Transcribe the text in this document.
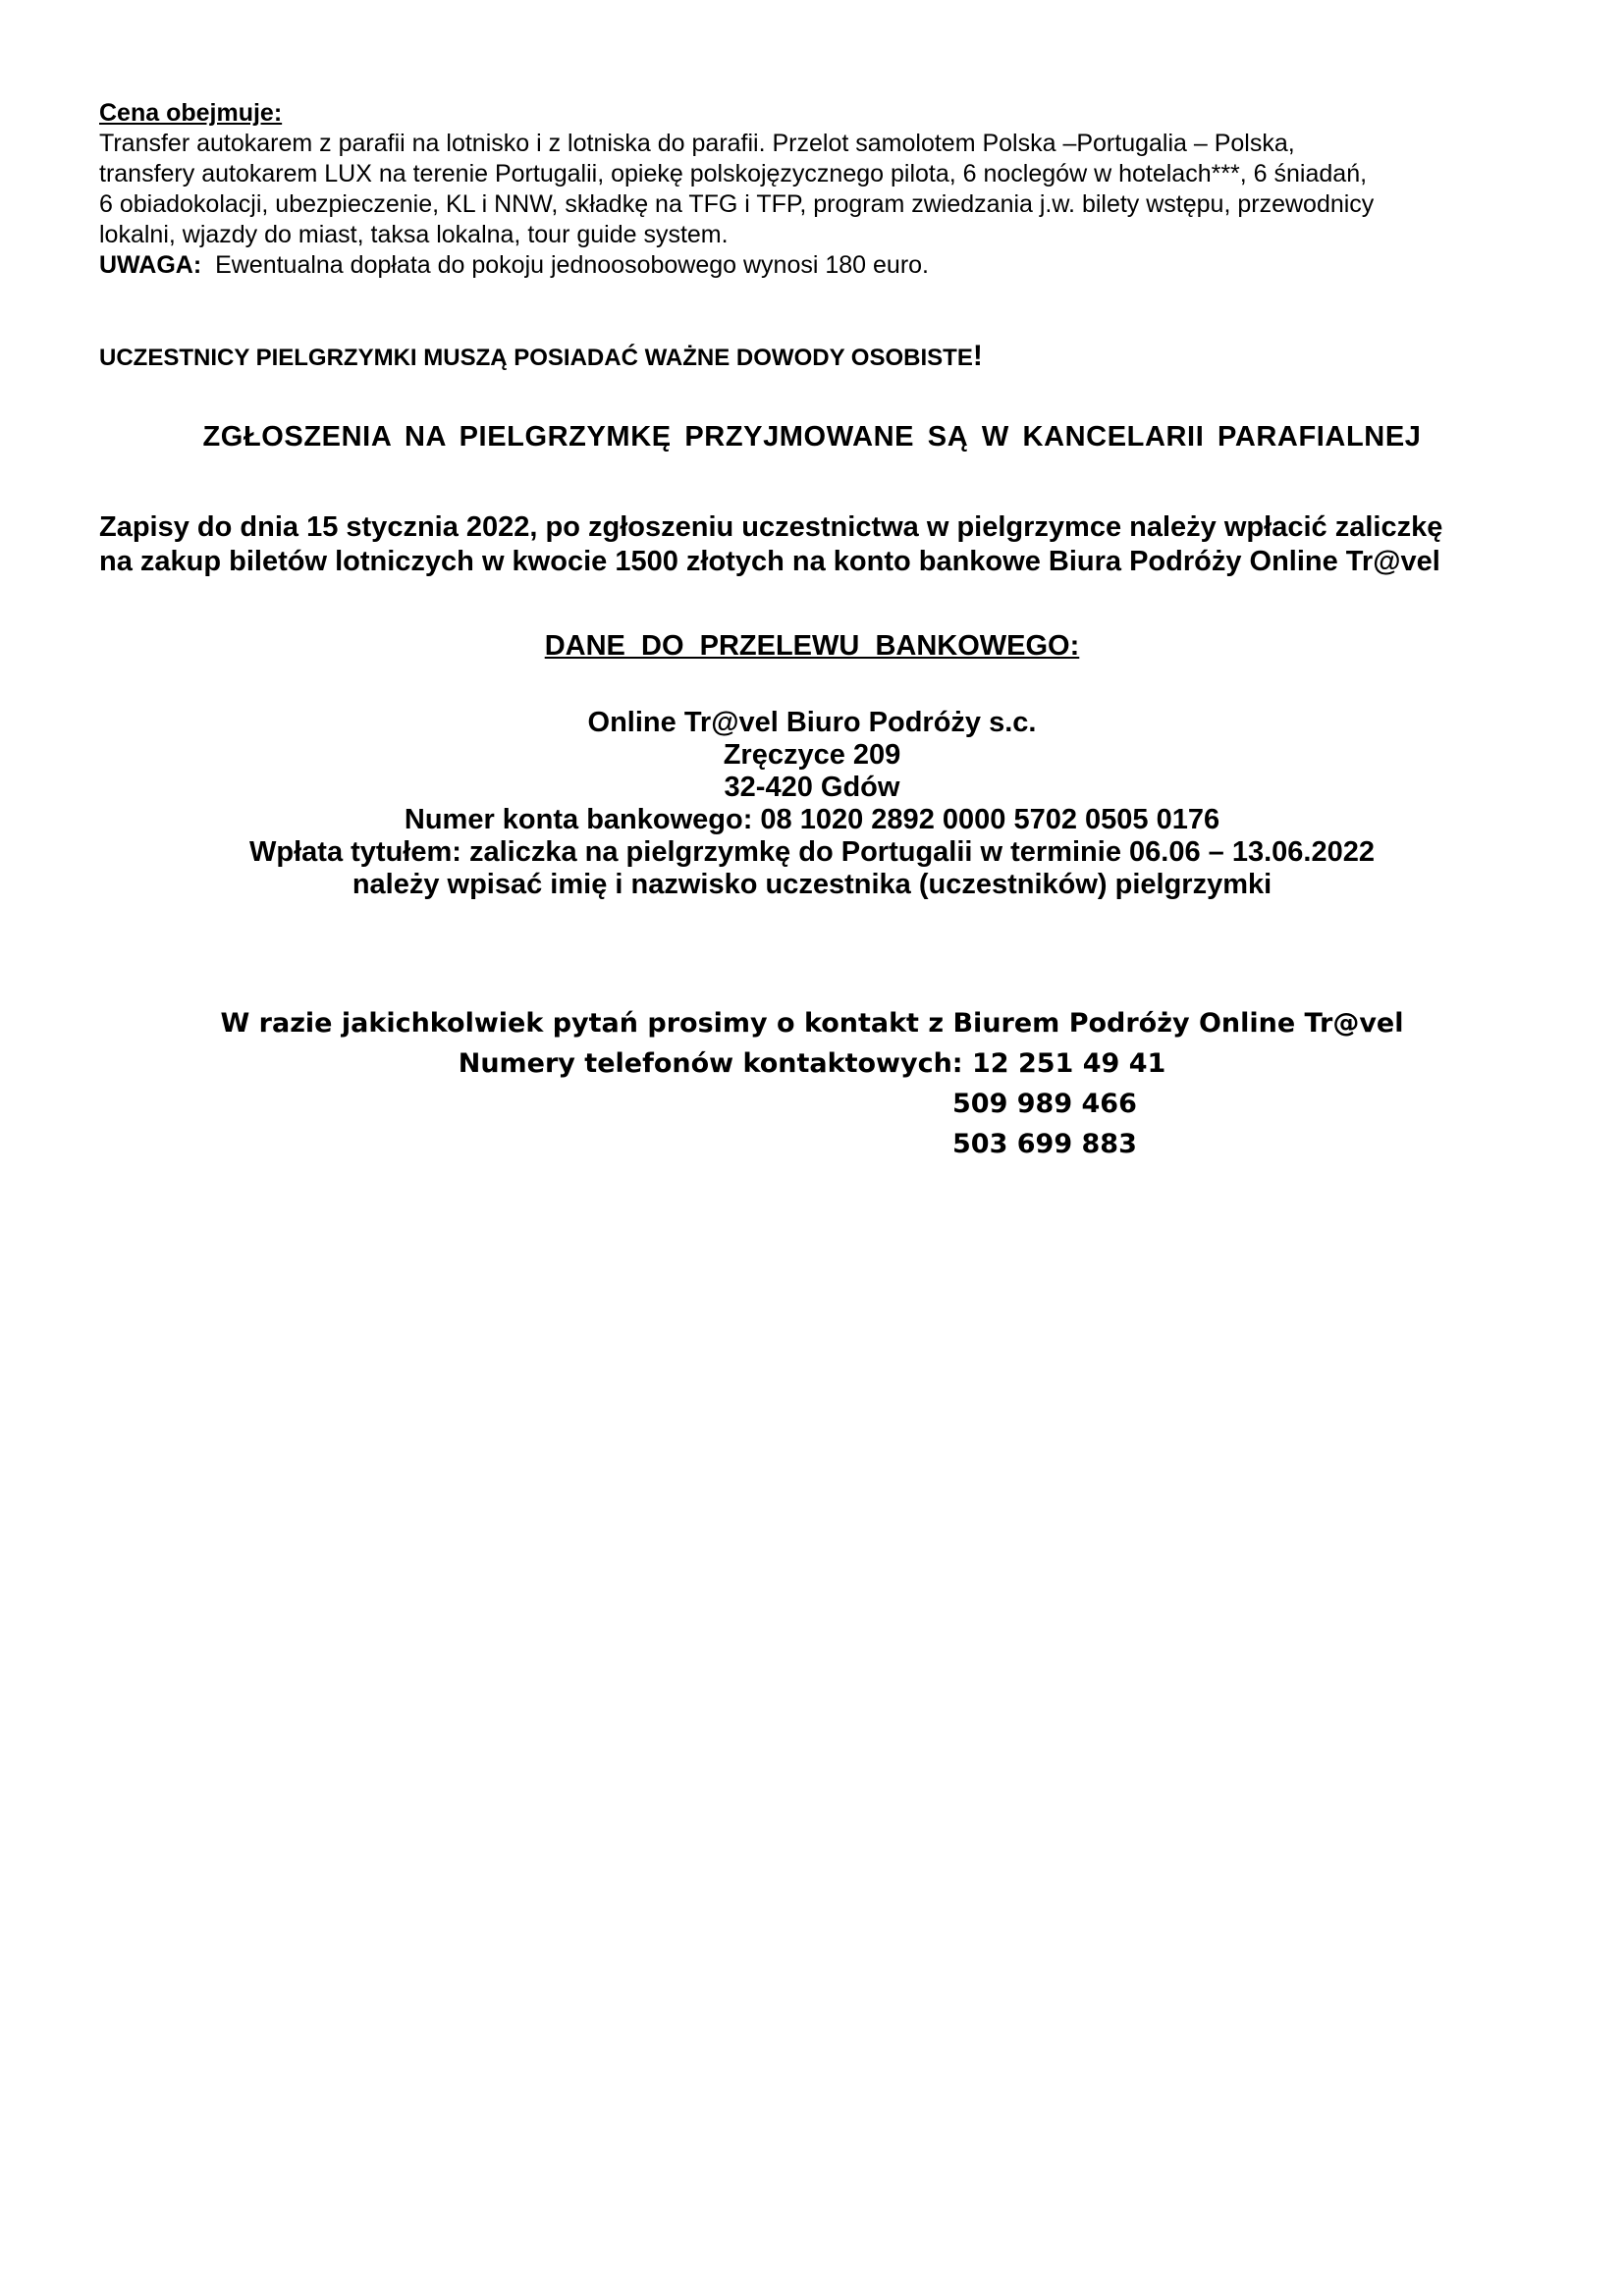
Cena obejmuje:
Transfer autokarem z parafii na lotnisko i z lotniska do parafii. Przelot samolotem Polska –Portugalia – Polska,
transfery autokarem LUX na terenie Portugalii, opiekę polskojęzycznego pilota, 6 noclegów w hotelach***, 6 śniadań,
6 obiadokolacji, ubezpieczenie, KL i NNW, składkę na TFG i TFP, program zwiedzania j.w. bilety wstępu, przewodnicy
lokalni, wjazdy do miast, taksa lokalna, tour guide system.
UWAGA: Ewentualna dopłata do pokoju jednoosobowego wynosi 180 euro.
UCZESTNICY PIELGRZYMKI MUSZĄ POSIADAĆ WAŻNE DOWODY OSOBISTE!
ZGŁOSZENIA NA PIELGRZYMKĘ PRZYJMOWANE SĄ W KANCELARII PARAFIALNEJ
Zapisy do dnia 15 stycznia 2022, po zgłoszeniu uczestnictwa w pielgrzymce należy wpłacić zaliczkę
na zakup biletów lotniczych w kwocie 1500 złotych na konto bankowe Biura Podróży Online Tr@vel
DANE  DO  PRZELEWU  BANKOWEGO:
Online Tr@vel Biuro Podróży s.c.
Zręczyce 209
32-420 Gdów
Numer konta bankowego: 08 1020 2892 0000 5702 0505 0176
Wpłata tytułem: zaliczka na pielgrzymkę do Portugalii w terminie 06.06 – 13.06.2022
należy wpisać imię i nazwisko uczestnika (uczestników) pielgrzymki
W razie jakichkolwiek pytań prosimy o kontakt z Biurem Podróży Online Tr@vel
Numery telefonów kontaktowych: 12 251 49 41
509 989 466
503 699 883
